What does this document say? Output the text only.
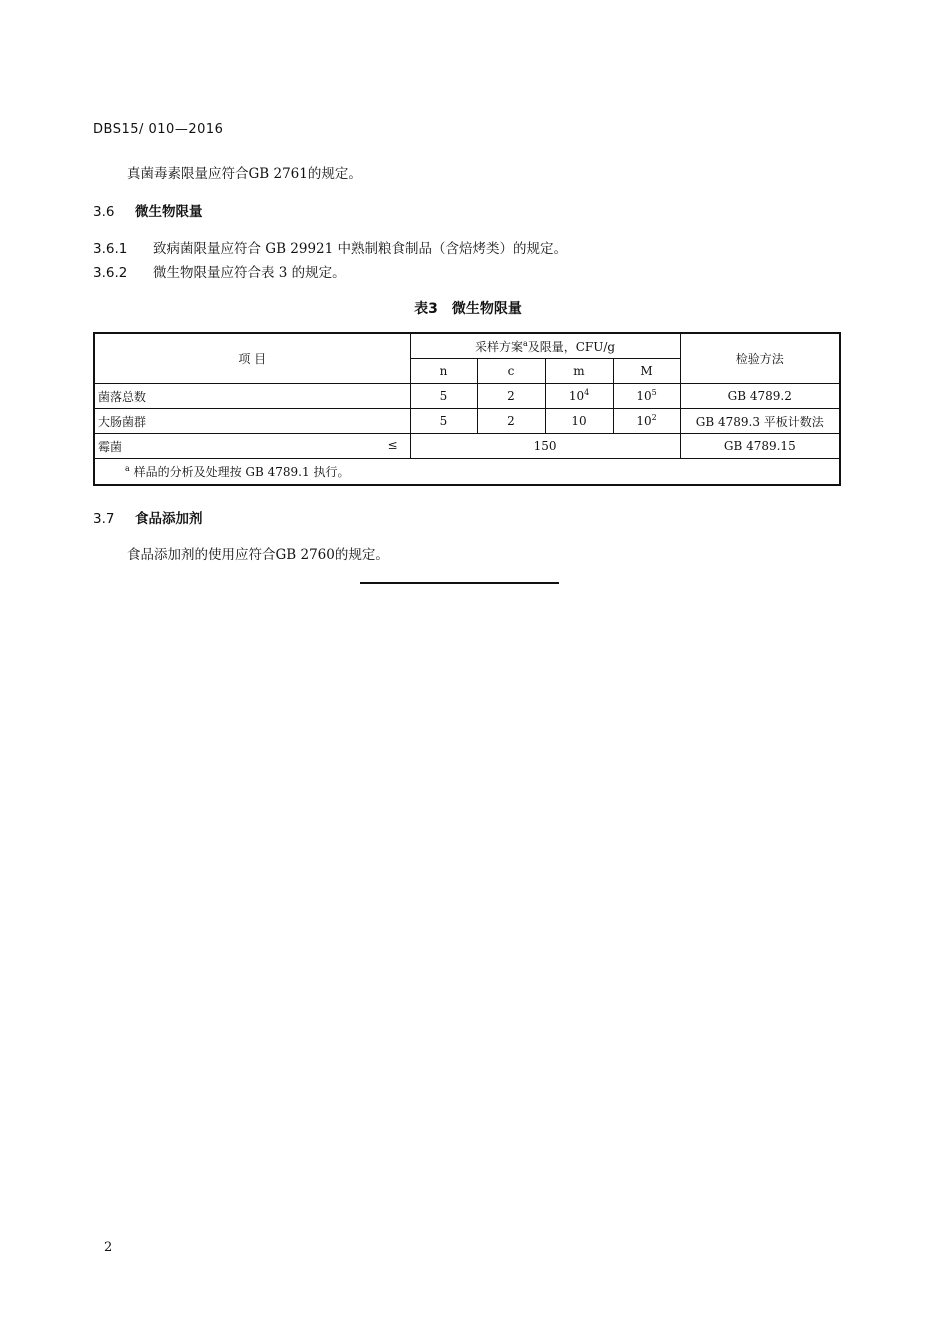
DBS15/ 010—2016
真菌毒素限量应符合GB 2761的规定。
3.6 微生物限量
3.6.1 致病菌限量应符合 GB 29921 中熟制粮食制品（含焙烤类）的规定。
3.6.2 微生物限量应符合表 3 的规定。
表3 微生物限量
项 目	采样方案$^a$及限量，CFU/g				检验方法
	n	c	m	M	
菌落总数	5	2	$10^4$	$10^5$	GB 4789.2
大肠菌群	5	2	10	$10^2$	GB 4789.3 平板计数法
霉菌 ≤	150				GB 4789.15
$^a$ 样品的分析及处理按 GB 4789.1 执行。					
3.7 食品添加剂
食品添加剂的使用应符合GB 2760的规定。
2
